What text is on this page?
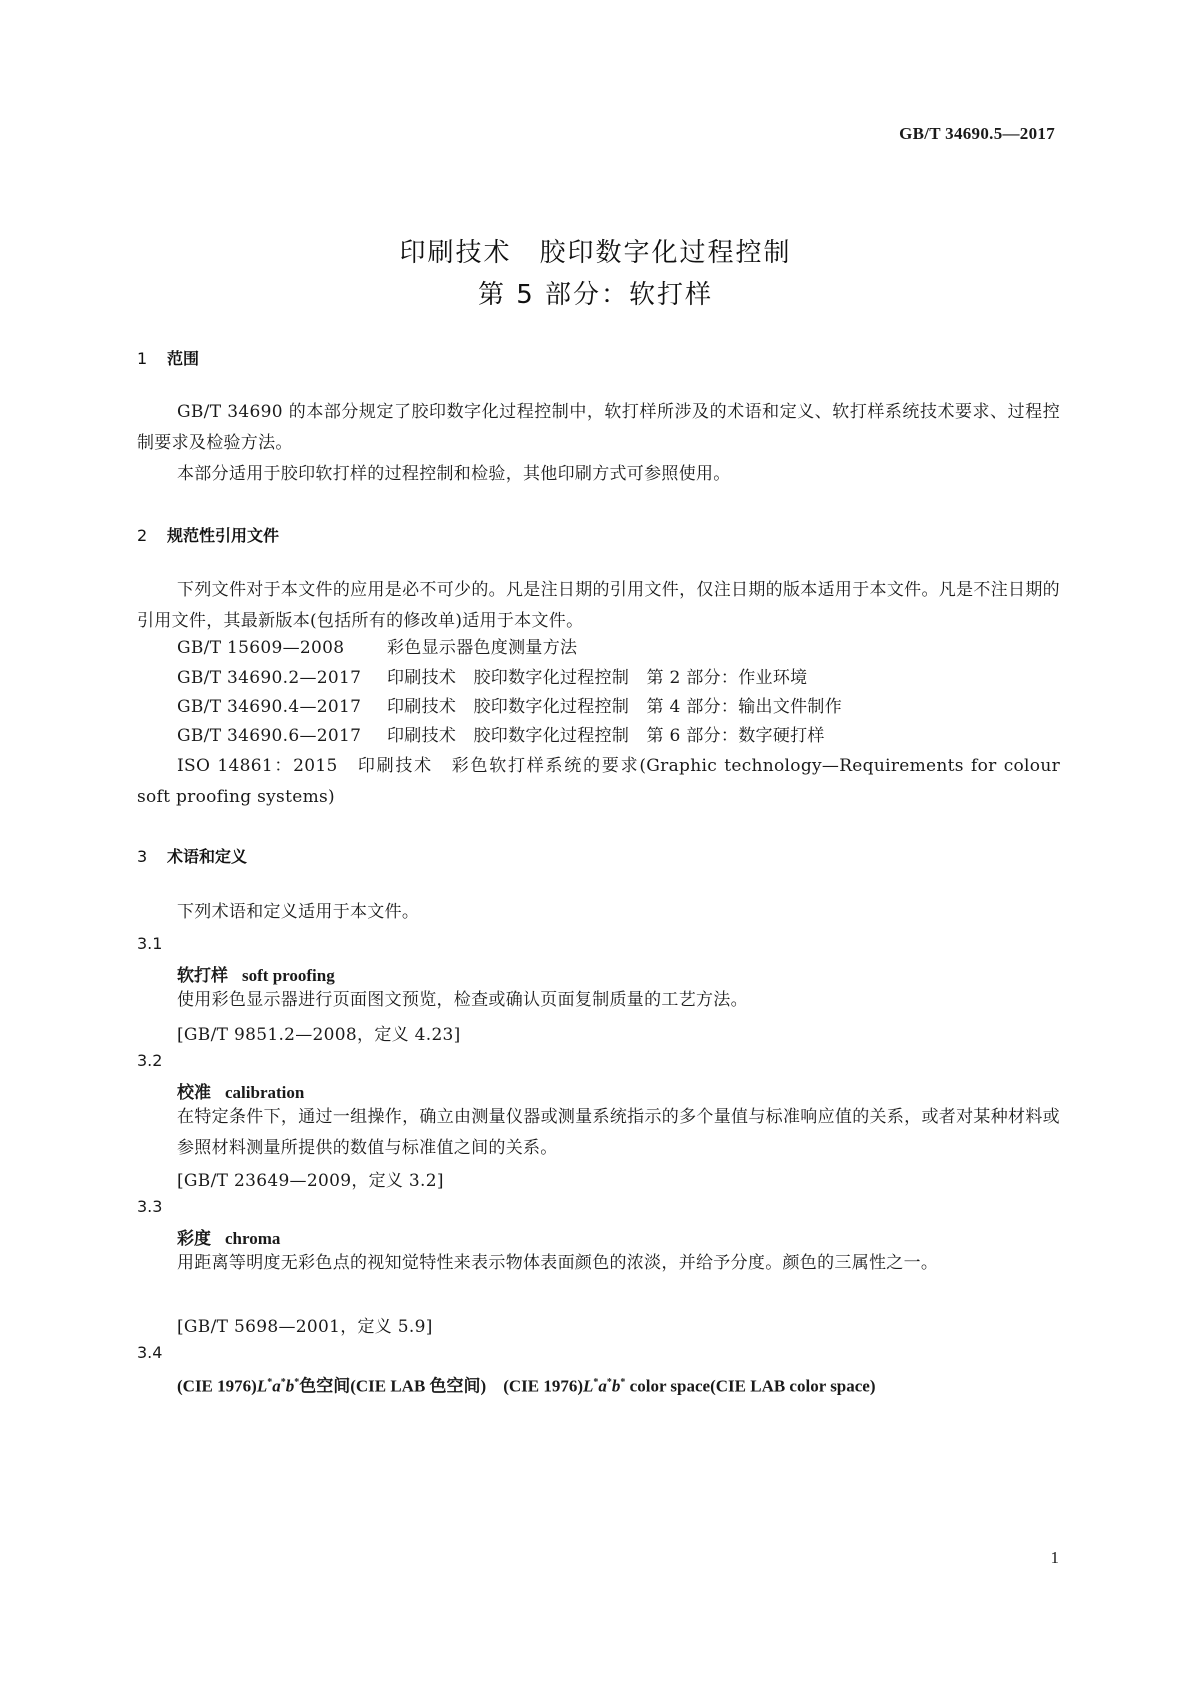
GB/T 34690.5—2017
印刷技术　胶印数字化过程控制
第 5 部分：软打样
1 范围

GB/T 34690 的本部分规定了胶印数字化过程控制中，软打样所涉及的术语和定义、软打样系统技术要求、过程控制要求及检验方法。

本部分适用于胶印软打样的过程控制和检验，其他印刷方式可参照使用。

2 规范性引用文件

下列文件对于本文件的应用是必不可少的。凡是注日期的引用文件，仅注日期的版本适用于本文件。凡是不注日期的引用文件，其最新版本(包括所有的修改单)适用于本文件。

GB/T 15609—2008	彩色显示器色度测量方法
GB/T 34690.2—2017 印刷技术　胶印数字化过程控制　第 2 部分：作业环境
GB/T 34690.4—2017 印刷技术　胶印数字化过程控制　第 4 部分：输出文件制作
GB/T 34690.6—2017 印刷技术　胶印数字化过程控制　第 6 部分：数字硬打样

ISO 14861：2015　印刷技术　彩色软打样系统的要求(Graphic technology—Requirements for colour soft proofing systems)

3 术语和定义
下列术语和定义适用于本文件。
3.1
软打样 soft proofing
使用彩色显示器进行页面图文预览，检查或确认页面复制质量的工艺方法。
[GB/T 9851.2—2008，定义 4.23]
3.2
校准 calibration

在特定条件下，通过一组操作，确立由测量仪器或测量系统指示的多个量值与标准响应值的关系，或者对某种材料或参照材料测量所提供的数值与标准值之间的关系。

[GB/T 23649—2009，定义 3.2]
3.3
彩度 chroma

用距离等明度无彩色点的视知觉特性来表示物体表面颜色的浓淡，并给予分度。颜色的三属性之一。

[GB/T 5698—2001，定义 5.9]
3.4
(CIE 1976)L*a*b*色空间(CIE LAB 色空间)　 (CIE 1976)L*a*b* color space(CIE LAB color space)
1
